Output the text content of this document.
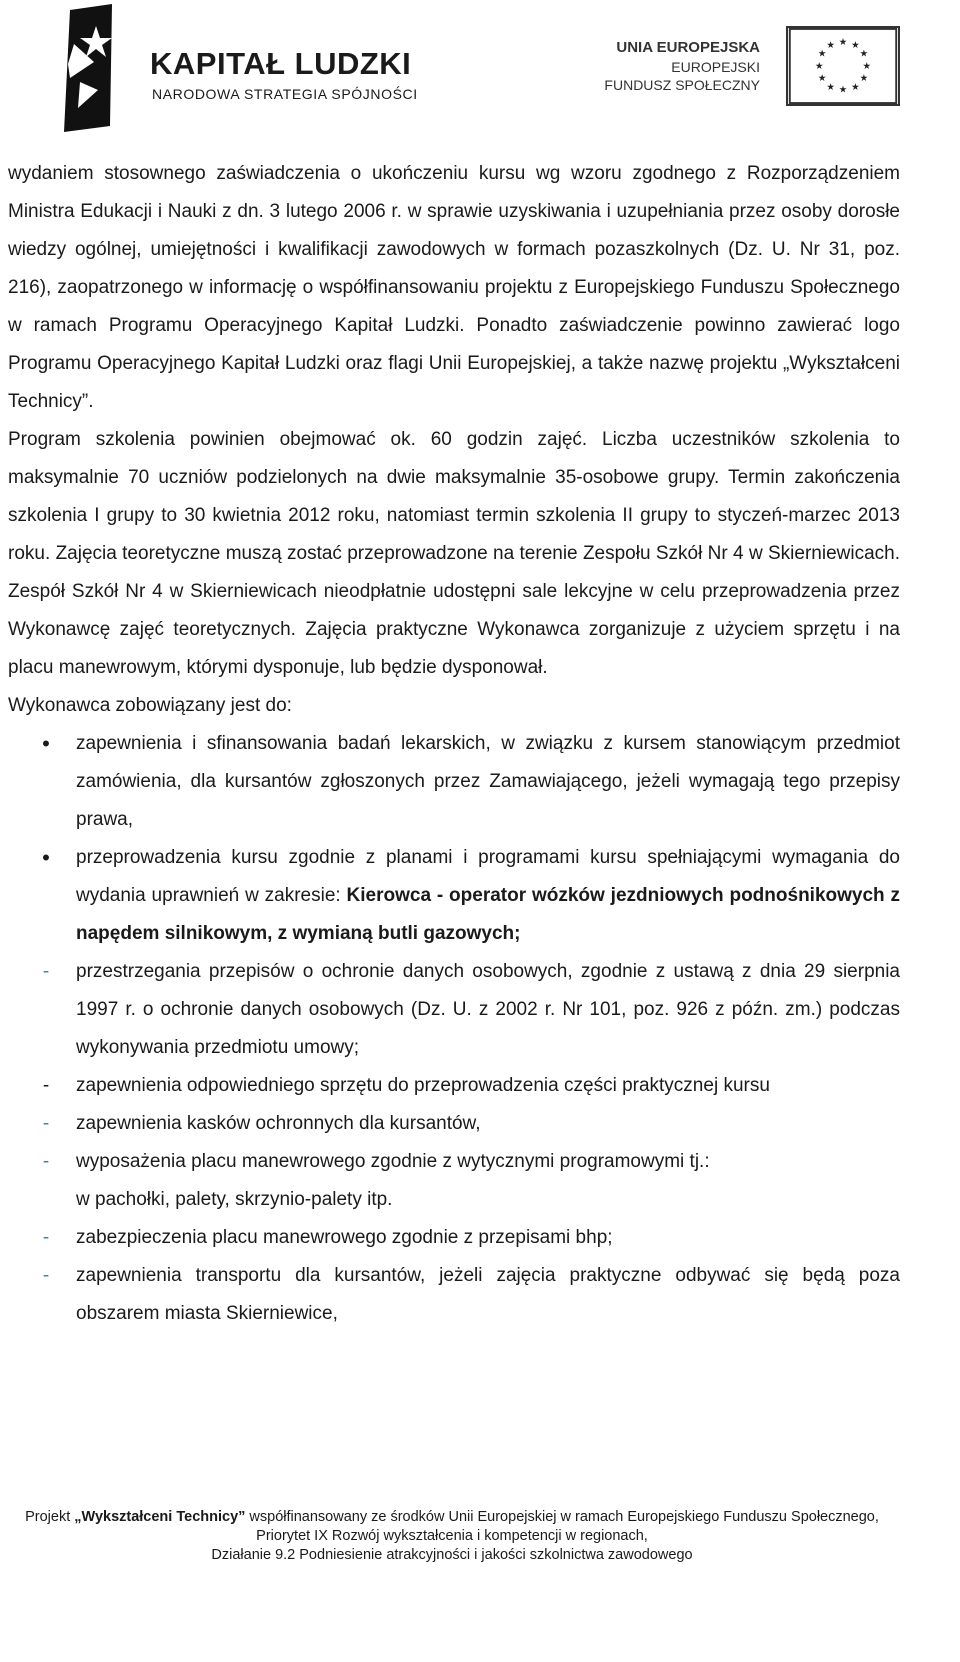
KAPITAŁ LUDZKI
NARODOWA STRATEGIA SPÓJNOŚCI
UNIA EUROPEJSKA
EUROPEJSKI
FUNDUSZ SPOŁECZNY
★ ★
★
★
★
★
★
★
★
★
★
★

wydaniem stosownego zaświadczenia o ukończeniu kursu wg wzoru zgodnego z Rozporządzeniem Ministra Edukacji i Nauki z dn. 3 lutego 2006 r. w sprawie uzyskiwania i uzupełniania przez osoby dorosłe wiedzy ogólnej, umiejętności i kwalifikacji zawodowych w formach pozaszkolnych (Dz. U. Nr 31, poz. 216), zaopatrzonego w informację o współfinansowaniu projektu z Europejskiego Funduszu Społecznego w ramach Programu Operacyjnego Kapitał Ludzki. Ponadto zaświadczenie powinno zawierać logo Programu Operacyjnego Kapitał Ludzki oraz flagi Unii Europejskiej, a także nazwę projektu „Wykształceni Technicy”.

Program szkolenia powinien obejmować ok. 60 godzin zajęć. Liczba uczestników szkolenia to maksymalnie 70 uczniów podzielonych na dwie maksymalnie 35-osobowe grupy. Termin zakończenia szkolenia I grupy to 30 kwietnia 2012 roku, natomiast termin szkolenia II grupy to styczeń-marzec 2013 roku. Zajęcia teoretyczne muszą zostać przeprowadzone na terenie Zespołu Szkół Nr 4 w Skierniewicach. Zespół Szkół Nr 4 w Skierniewicach nieodpłatnie udostępni sale lekcyjne w celu przeprowadzenia przez Wykonawcę zajęć teoretycznych. Zajęcia praktyczne Wykonawca zorganizuje z użyciem sprzętu i na placu manewrowym, którymi dysponuje, lub będzie dysponował.

Wykonawca zobowiązany jest do:

•	zapewnienia i sfinansowania badań lekarskich, w związku z kursem stanowiącym przedmiot zamówienia, dla kursantów zgłoszonych przez Zamawiającego, jeżeli wymagają tego przepisy prawa,
•	przeprowadzenia kursu zgodnie z planami i programami kursu spełniającymi wymagania do wydania uprawnień w zakresie: Kierowca - operator wózków jezdniowych podnośnikowych z napędem silnikowym, z wymianą butli gazowych;
-	przestrzegania przepisów o ochronie danych osobowych, zgodnie z ustawą z dnia 29 sierpnia 1997 r. o ochronie danych osobowych (Dz. U. z 2002 r. Nr 101, poz. 926 z późn. zm.) podczas wykonywania przedmiotu umowy;
-	zapewnienia odpowiedniego sprzętu do przeprowadzenia części praktycznej kursu
-	zapewnienia kasków ochronnych dla kursantów,
-	wyposażenia placu manewrowego zgodnie z wytycznymi programowymi tj.:
w pachołki, palety, skrzynio-palety itp.
-	zabezpieczenia placu manewrowego zgodnie z przepisami bhp;
-	zapewnienia transportu dla kursantów, jeżeli zajęcia praktyczne odbywać się będą poza obszarem miasta Skierniewice,
Projekt „Wykształceni Technicy” współfinansowany ze środków Unii Europejskiej w ramach Europejskiego Funduszu Społecznego,
Priorytet IX Rozwój wykształcenia i kompetencji w regionach,
Działanie 9.2 Podniesienie atrakcyjności i jakości szkolnictwa zawodowego
